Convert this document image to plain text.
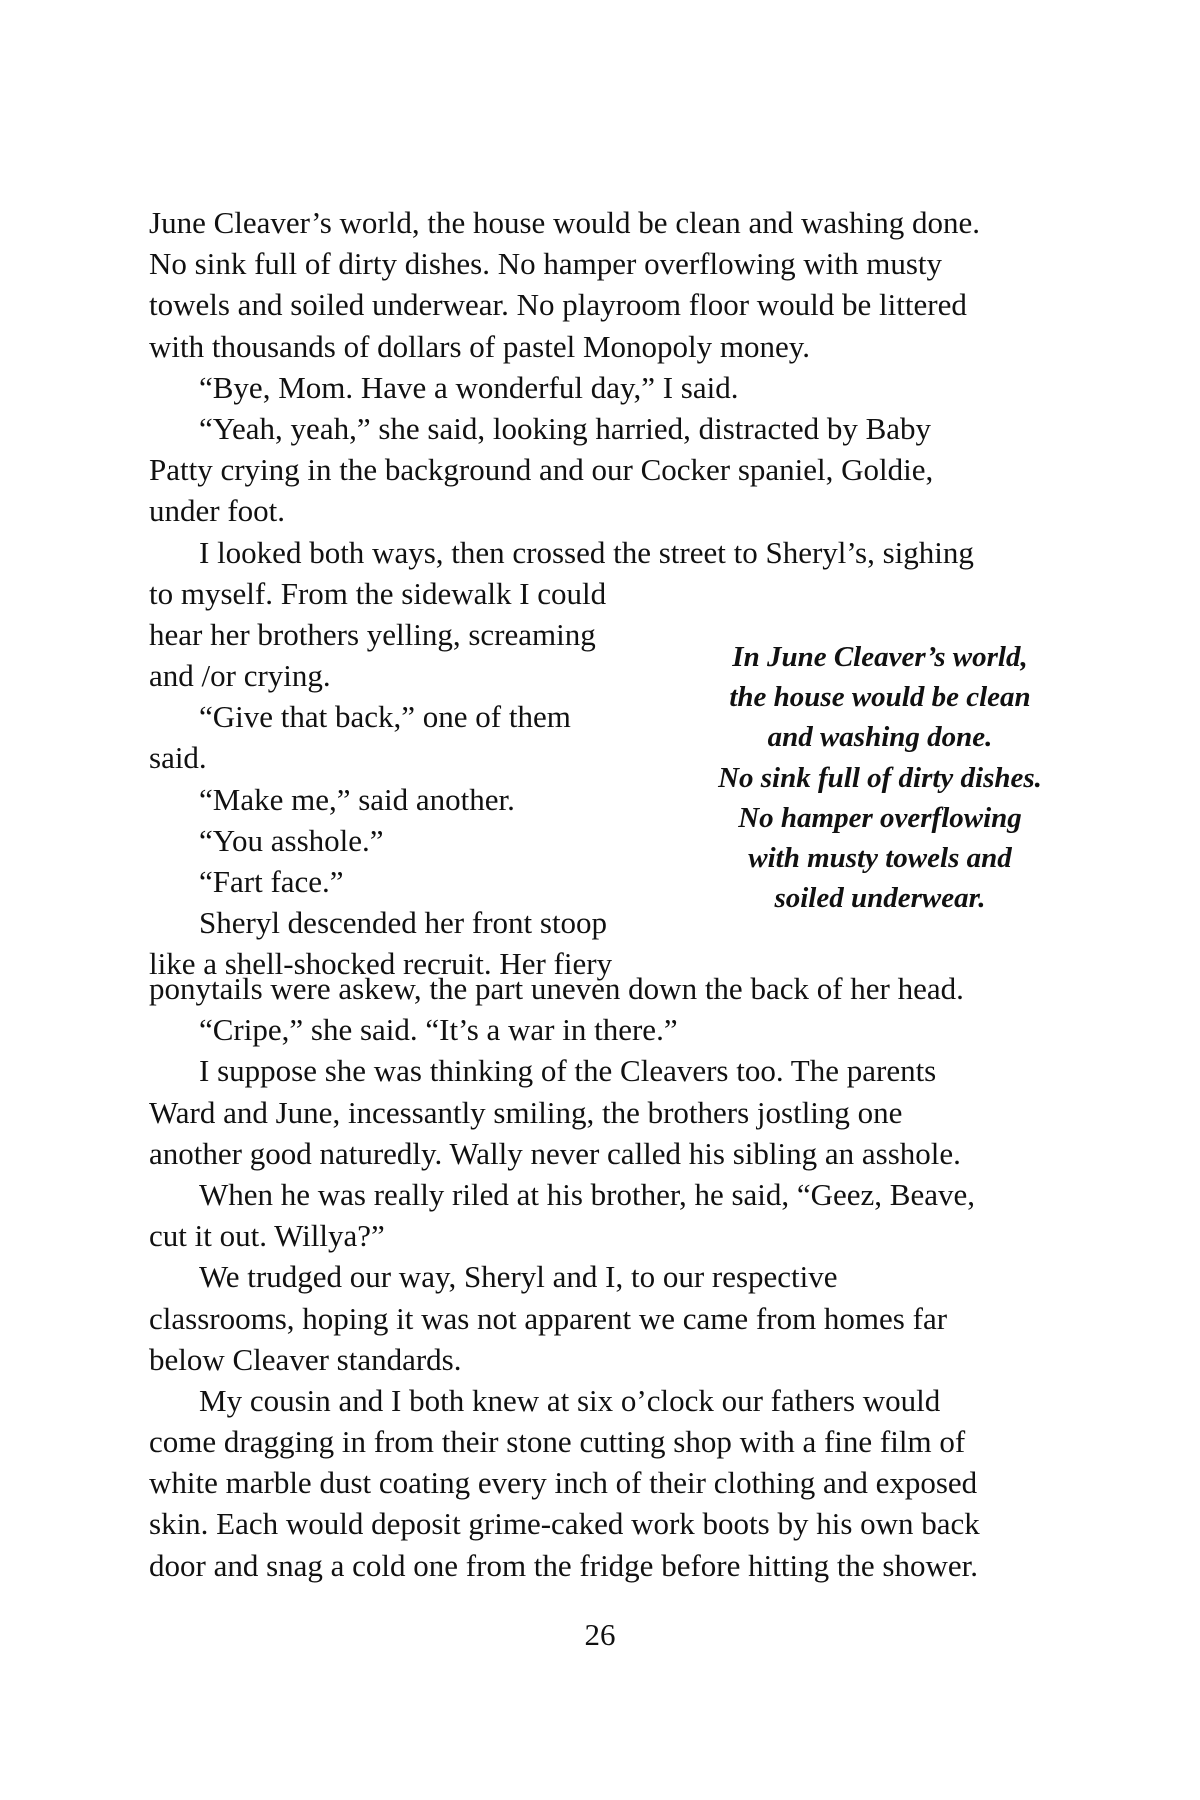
June Cleaver’s world, the house would be clean and washing done.
No sink full of dirty dishes. No hamper overflowing with musty
towels and soiled underwear. No playroom floor would be littered
with thousands of dollars of pastel Monopoly money.
“Bye, Mom. Have a wonderful day,” I said.
“Yeah, yeah,” she said, looking harried, distracted by Baby
Patty crying in the background and our Cocker spaniel, Goldie,
under foot.
I looked both ways, then crossed the street to Sheryl’s, sighing
to myself. From the sidewalk I could
hear her brothers yelling, screaming
and /or crying.
“Give that back,” one of them
said.
“Make me,” said another.
“You asshole.”
“Fart face.”
Sheryl descended her front stoop
like a shell-shocked recruit. Her fiery
In June Cleaver’s world,
the house would be clean
and washing done.
No sink full of dirty dishes.
No hamper overflowing
with musty towels and
soiled underwear.
ponytails were askew, the part uneven down the back of her head.
“Cripe,” she said. “It’s a war in there.”
I suppose she was thinking of the Cleavers too. The parents
Ward and June, incessantly smiling, the brothers jostling one
another good naturedly. Wally never called his sibling an asshole.
When he was really riled at his brother, he said, “Geez, Beave,
cut it out. Willya?”
We trudged our way, Sheryl and I, to our respective
classrooms, hoping it was not apparent we came from homes far
below Cleaver standards.
My cousin and I both knew at six o’clock our fathers would
come dragging in from their stone cutting shop with a fine film of
white marble dust coating every inch of their clothing and exposed
skin. Each would deposit grime-caked work boots by his own back
door and snag a cold one from the fridge before hitting the shower.
26
